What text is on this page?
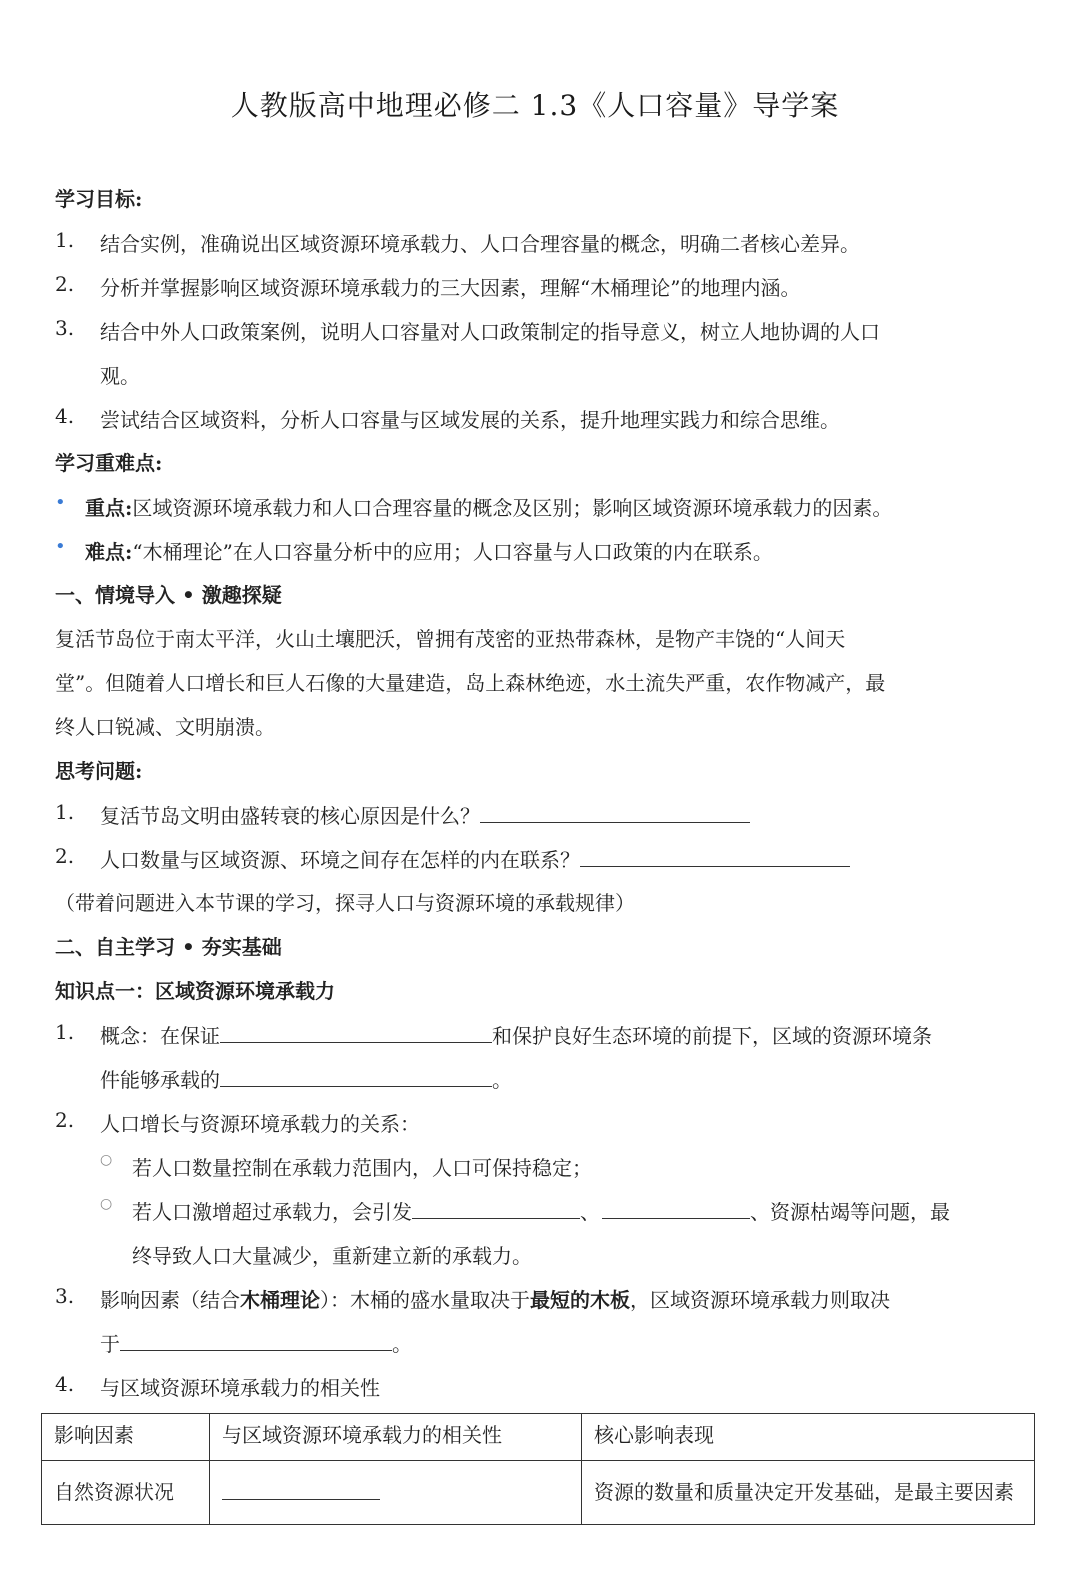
人教版高中地理必修二 1.3《人口容量》导学案
学习目标:
1.	结合实例，准确说出区域资源环境承载力、人口合理容量的概念，明确二者核心差异。
2.	分析并掌握影响区域资源环境承载力的三大因素，理解“木桶理论”的地理内涵。
3.	结合中外人口政策案例，说明人口容量对人口政策制定的指导意义，树立人地协调的人口
观。
4.	尝试结合区域资料，分析人口容量与区域发展的关系，提升地理实践力和综合思维。
学习重难点:
• 重点:区域资源环境承载力和人口合理容量的概念及区别；影响区域资源环境承载力的因素。
• 难点:“木桶理论”在人口容量分析中的应用；人口容量与人口政策的内在联系。
一、情境导入 • 激趣探疑
复活节岛位于南太平洋，火山土壤肥沃，曾拥有茂密的亚热带森林，是物产丰饶的“人间天
堂”。但随着人口增长和巨人石像的大量建造，岛上森林绝迹，水土流失严重，农作物减产，最
终人口锐减、文明崩溃。
思考问题:
1.	复活节岛文明由盛转衰的核心原因是什么？
2.	人口数量与区域资源、环境之间存在怎样的内在联系？
（带着问题进入本节课的学习，探寻人口与资源环境的承载规律）
二、自主学习 • 夯实基础
知识点一：区域资源环境承载力
1.	概念：在保证	和保护良好生态环境的前提下，区域的资源环境条
件能够承载的	。
2.	人口增长与资源环境承载力的关系：
○ 若人口数量控制在承载力范围内，人口可保持稳定；
○ 若人口激增超过承载力，会引发	、	、资源枯竭等问题，最
终导致人口大量减少，重新建立新的承载力。
3.	影响因素（结合木桶理论）：木桶的盛水量取决于最短的木板，区域资源环境承载力则取决
于	。
4.	与区域资源环境承载力的相关性
影响因素	与区域资源环境承载力的相关性	核心影响表现
自然资源状况		资源的数量和质量决定开发基础，是最主要因素
